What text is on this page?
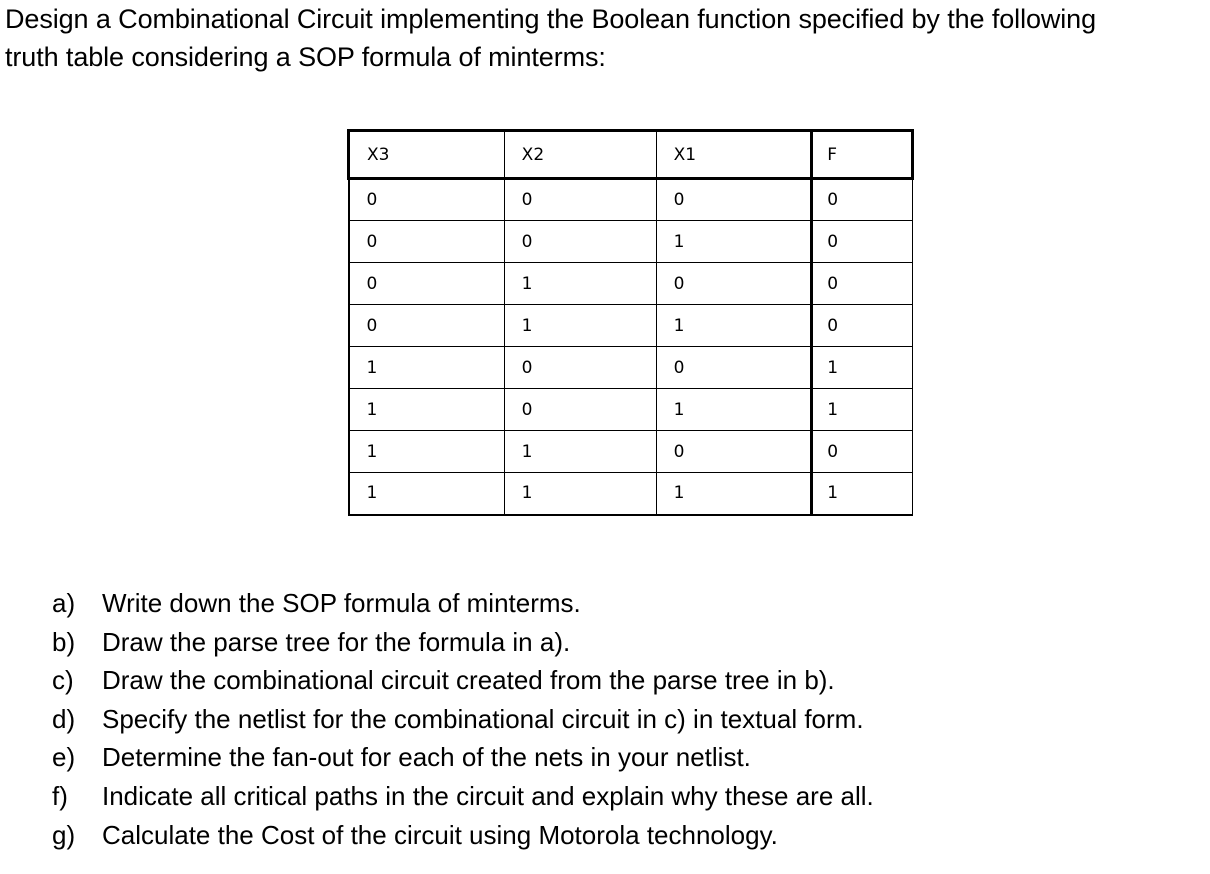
Design a Combinational Circuit implementing the Boolean function specified by the following
truth table considering a SOP formula of minterms:
X3	X2	X1	F
0	0	0	0
0	0	1	0
0	1	0	0
0	1	1	0
1	0	0	1
1	0	1	1
1	1	0	0
1	1	1	1
a)	Write down the SOP formula of minterms.
b)	Draw the parse tree for the formula in a).
c)	Draw the combinational circuit created from the parse tree in b).
d)	Specify the netlist for the combinational circuit in c) in textual form.
e)	Determine the fan-out for each of the nets in your netlist.
f)	Indicate all critical paths in the circuit and explain why these are all.
g)	Calculate the Cost of the circuit using Motorola technology.
